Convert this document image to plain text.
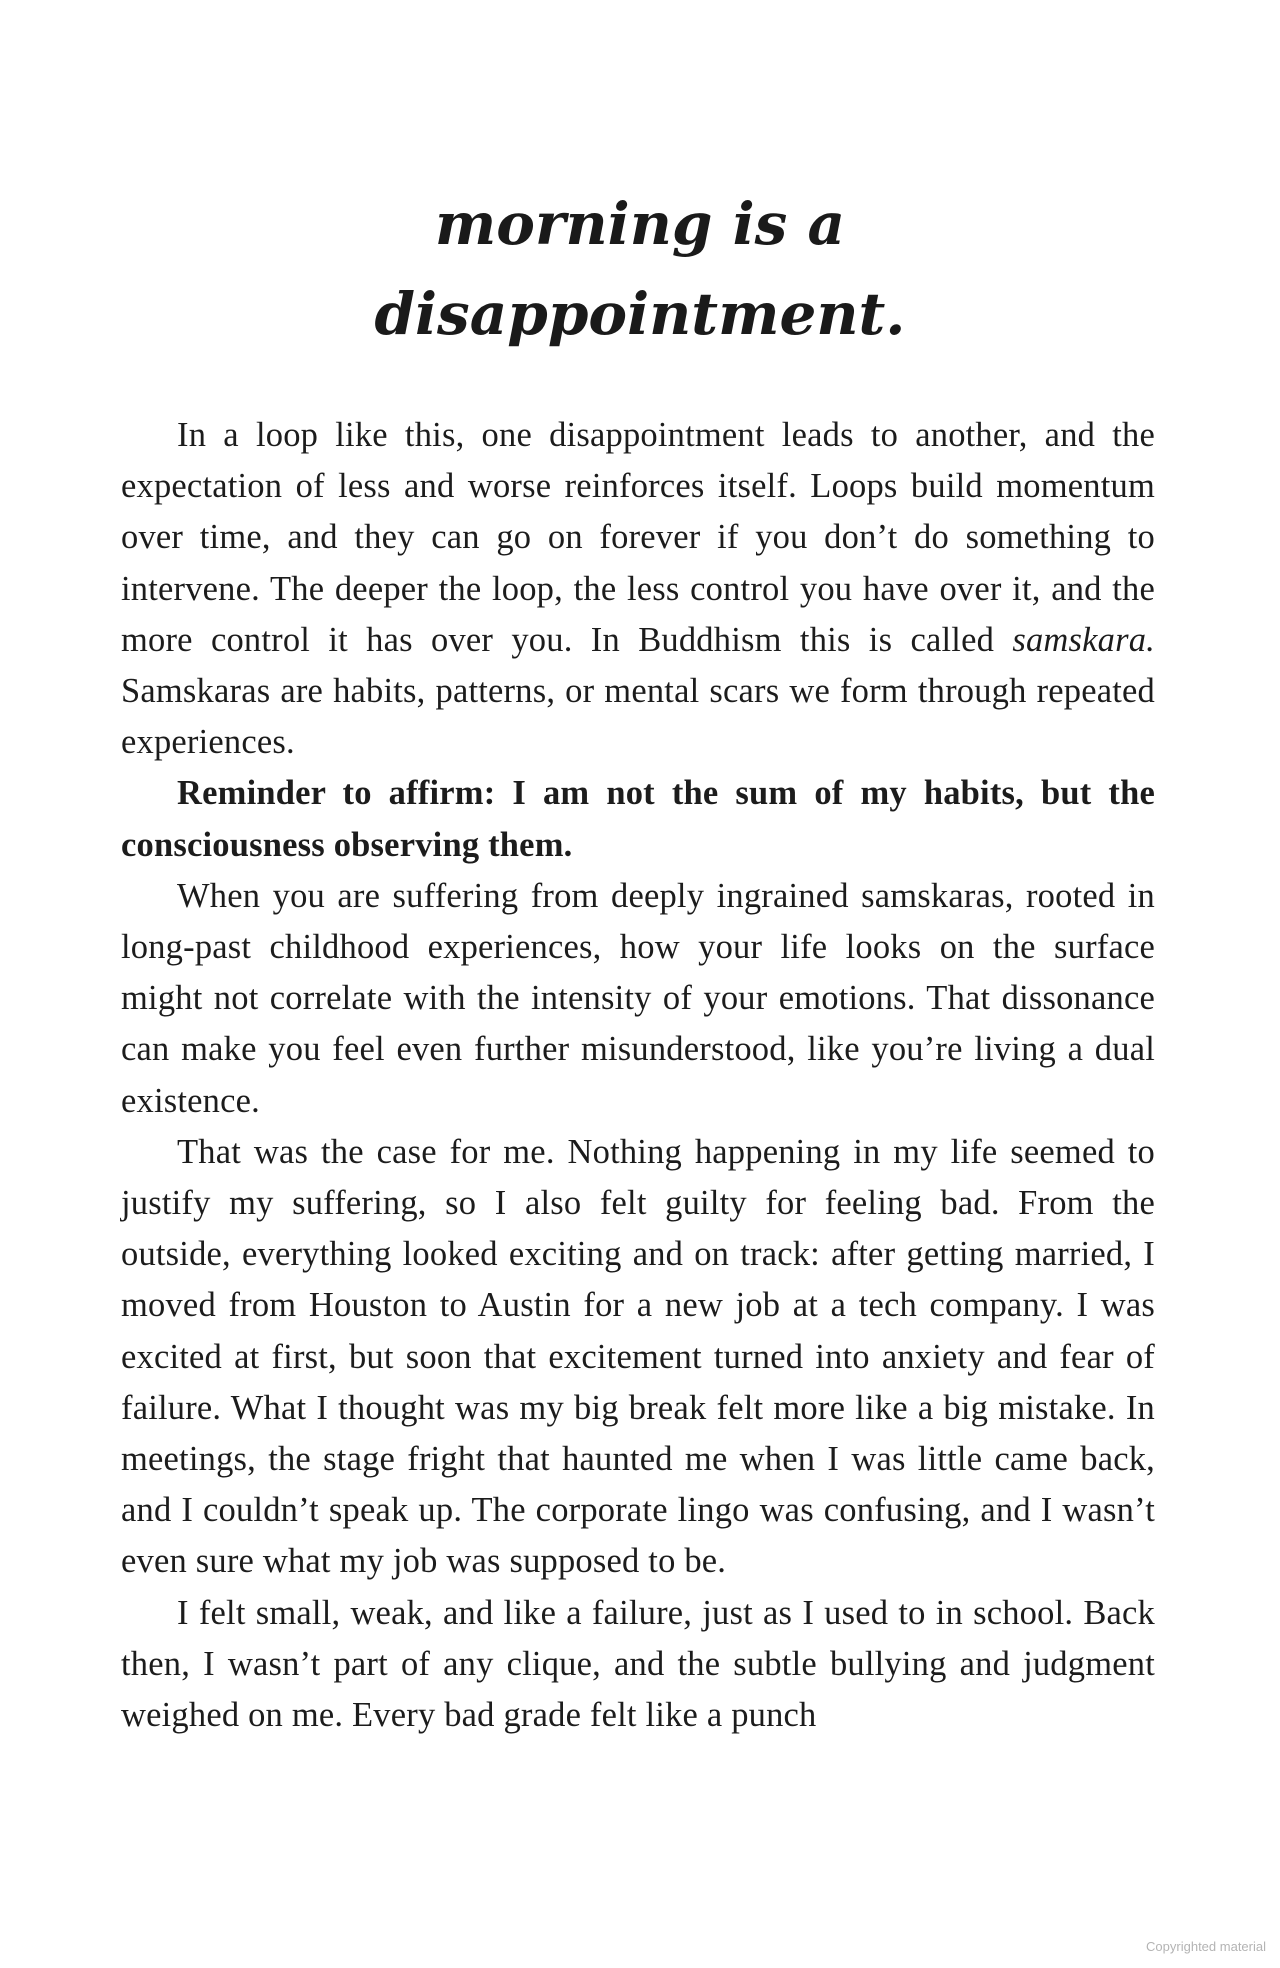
morning is a
disappointment.

In a loop like this, one disappointment leads to another, and the expectation of less and worse reinforces itself. Loops build momentum over time, and they can go on forever if you don’t do something to intervene. The deeper the loop, the less control you have over it, and the more control it has over you. In Buddhism this is called samskara. Samskaras are habits, patterns, or mental scars we form through repeated experiences.

Reminder to affirm: I am not the sum of my habits, but the consciousness observing them.

When you are suffering from deeply ingrained samskaras, rooted in long-past childhood experiences, how your life looks on the surface might not correlate with the intensity of your emotions. That dissonance can make you feel even further misunderstood, like you’re living a dual existence.

That was the case for me. Nothing happening in my life seemed to justify my suffering, so I also felt guilty for feeling bad. From the outside, everything looked exciting and on track: after getting married, I moved from Houston to Austin for a new job at a tech company. I was excited at first, but soon that excitement turned into anxiety and fear of failure. What I thought was my big break felt more like a big mistake. In meetings, the stage fright that haunted me when I was little came back, and I couldn’t speak up. The corporate lingo was confusing, and I wasn’t even sure what my job was supposed to be.

I felt small, weak, and like a failure, just as I used to in school. Back then, I wasn’t part of any clique, and the subtle bullying and judgment weighed on me. Every bad grade felt like a punch

Copyrighted material
